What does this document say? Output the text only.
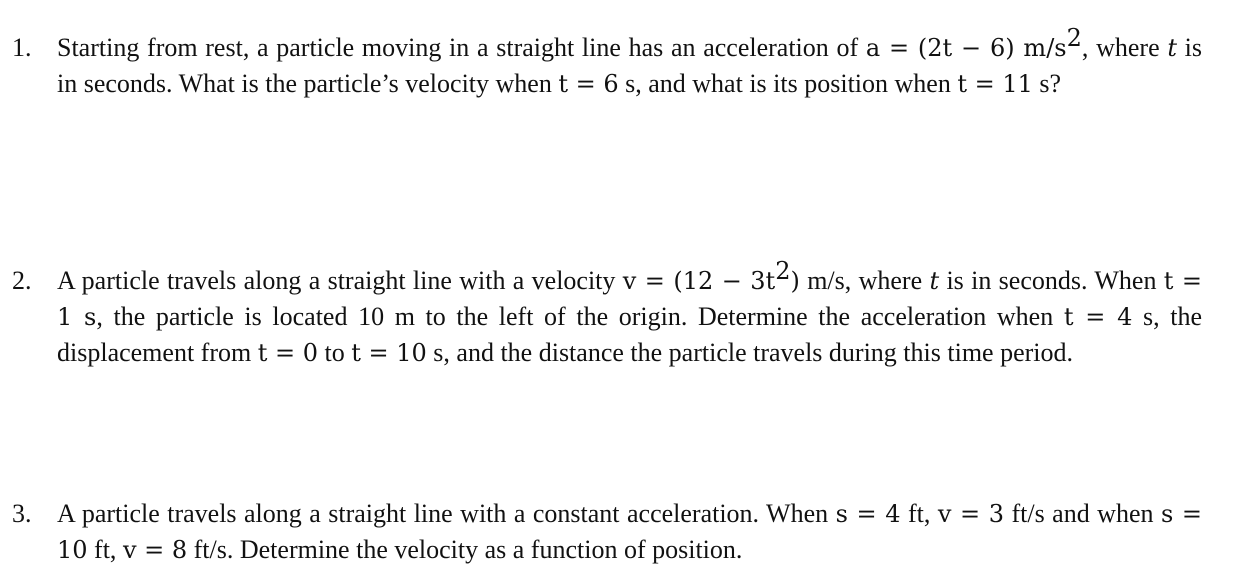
1. Starting from rest, a particle moving in a straight line has an acceleration of a = (2t − 6) $m/s^2$, where t is in seconds. What is the particle’s velocity when t = 6 s, and what is its position when t = 11 s?
2. A particle travels along a straight line with a velocity $v = (12 - 3t^2)$ m/s, where t is in seconds. When t = 1 s, the particle is located 10 m to the left of the origin. Determine the acceleration when t = 4 s, the displacement from t = 0 to t = 10 s, and the distance the particle travels during this time period.
3. A particle travels along a straight line with a constant acceleration. When s = 4 ft, v = 3 ft/s and when s = 10 ft, v = 8 ft/s. Determine the velocity as a function of position.
